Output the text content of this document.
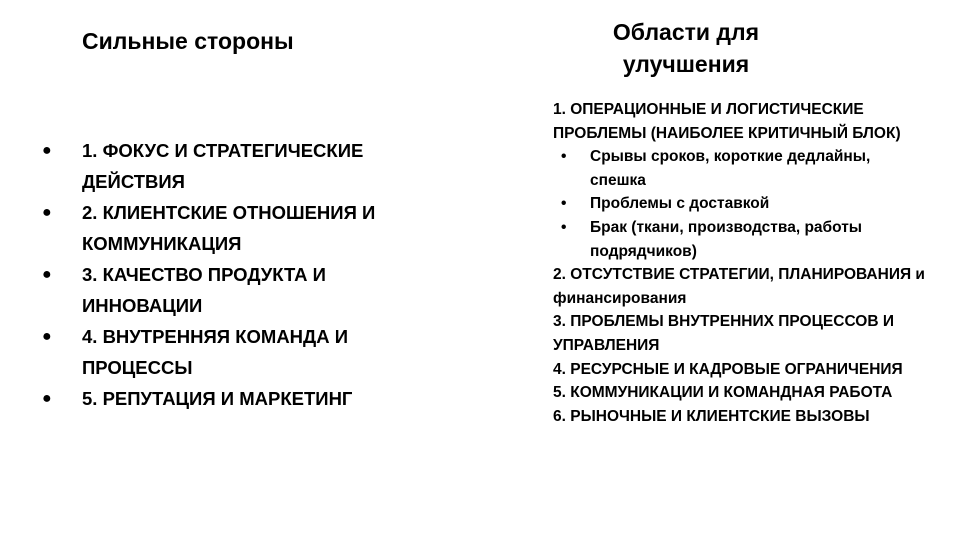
Сильные стороны	Области для
улучшения
● 1. ФОКУС И СТРАТЕГИЧЕСКИЕ ДЕЙСТВИЯ
● 2. КЛИЕНТСКИЕ ОТНОШЕНИЯ И КОММУНИКАЦИЯ
● 3. КАЧЕСТВО ПРОДУКТА И ИННОВАЦИИ
● 4. ВНУТРЕННЯЯ КОМАНДА И ПРОЦЕССЫ
● 5. РЕПУТАЦИЯ И МАРКЕТИНГ
1. ОПЕРАЦИОННЫЕ И ЛОГИСТИЧЕСКИЕ ПРОБЛЕМЫ (НАИБОЛЕЕ КРИТИЧНЫЙ БЛОК)
• Срывы сроков, короткие дедлайны, спешка
• Проблемы с доставкой
• Брак (ткани, производства, работы подрядчиков)
2. ОТСУТСТВИЕ СТРАТЕГИИ, ПЛАНИРОВАНИЯ и финансирования
3. ПРОБЛЕМЫ ВНУТРЕННИХ ПРОЦЕССОВ И УПРАВЛЕНИЯ
4. РЕСУРСНЫЕ И КАДРОВЫЕ ОГРАНИЧЕНИЯ
5. КОММУНИКАЦИИ И КОМАНДНАЯ РАБОТА
6. РЫНОЧНЫЕ И КЛИЕНТСКИЕ ВЫЗОВЫ
